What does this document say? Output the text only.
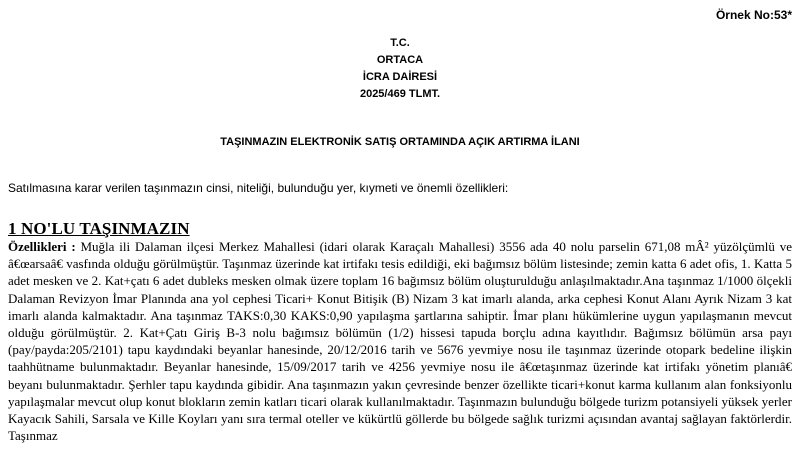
Örnek No:53*
T.C.
ORTACA
İCRA DAİRESİ
2025/469 TLMT.
TAŞINMAZIN ELEKTRONİK SATIŞ ORTAMINDA AÇIK ARTIRMA İLANI
Satılmasına karar verilen taşınmazın cinsi, niteliği, bulunduğu yer, kıymeti ve önemli özellikleri:
1 NO'LU TAŞINMAZIN
Özellikleri : Muğla ili Dalaman ilçesi Merkez Mahallesi (idari olarak Karaçalı Mahallesi) 3556 ada 40 nolu parselin 671,08 mÂ² yüzölçümlü ve â€œarsaâ€ vasfında olduğu görülmüştür. Taşınmaz üzerinde kat irtifakı tesis edildiği, eki bağımsız bölüm listesinde; zemin katta 6 adet ofis, 1. Katta 5 adet mesken ve 2. Kat+çatı 6 adet dubleks mesken olmak üzere toplam 16 bağımsız bölüm oluşturulduğu anlaşılmaktadır.Ana taşınmaz 1/1000 ölçekli Dalaman Revizyon İmar Planında ana yol cephesi Ticari+ Konut Bitişik (B) Nizam 3 kat imarlı alanda, arka cephesi Konut Alanı Ayrık Nizam 3 kat imarlı alanda kalmaktadır. Ana taşınmaz TAKS:0,30 KAKS:0,90 yapılaşma şartlarına sahiptir. İmar planı hükümlerine uygun yapılaşmanın mevcut olduğu görülmüştür. 2. Kat+Çatı Giriş B-3 nolu bağımsız bölümün (1/2) hissesi tapuda borçlu adına kayıtlıdır. Bağımsız bölümün arsa payı (pay/payda:205/2101) tapu kaydındaki beyanlar hanesinde, 20/12/2016 tarih ve 5676 yevmiye nosu ile taşınmaz üzerinde otopark bedeline ilişkin taahhütname bulunmaktadır. Beyanlar hanesinde, 15/09/2017 tarih ve 4256 yevmiye nosu ile â€œtaşınmaz üzerinde kat irtifakı yönetim planıâ€ beyanı bulunmaktadır. Şerhler tapu kaydında gibidir. Ana taşınmazın yakın çevresinde benzer özellikte ticari+konut karma kullanım alan fonksiyonlu yapılaşmalar mevcut olup konut blokların zemin katları ticari olarak kullanılmaktadır. Taşınmazın bulunduğu bölgede turizm potansiyeli yüksek yerler Kayacık Sahili, Sarsala ve Kille Koyları yanı sıra termal oteller ve kükürtlü göllerde bu bölgede sağlık turizmi açısından avantaj sağlayan faktörlerdir. Taşınmaz
